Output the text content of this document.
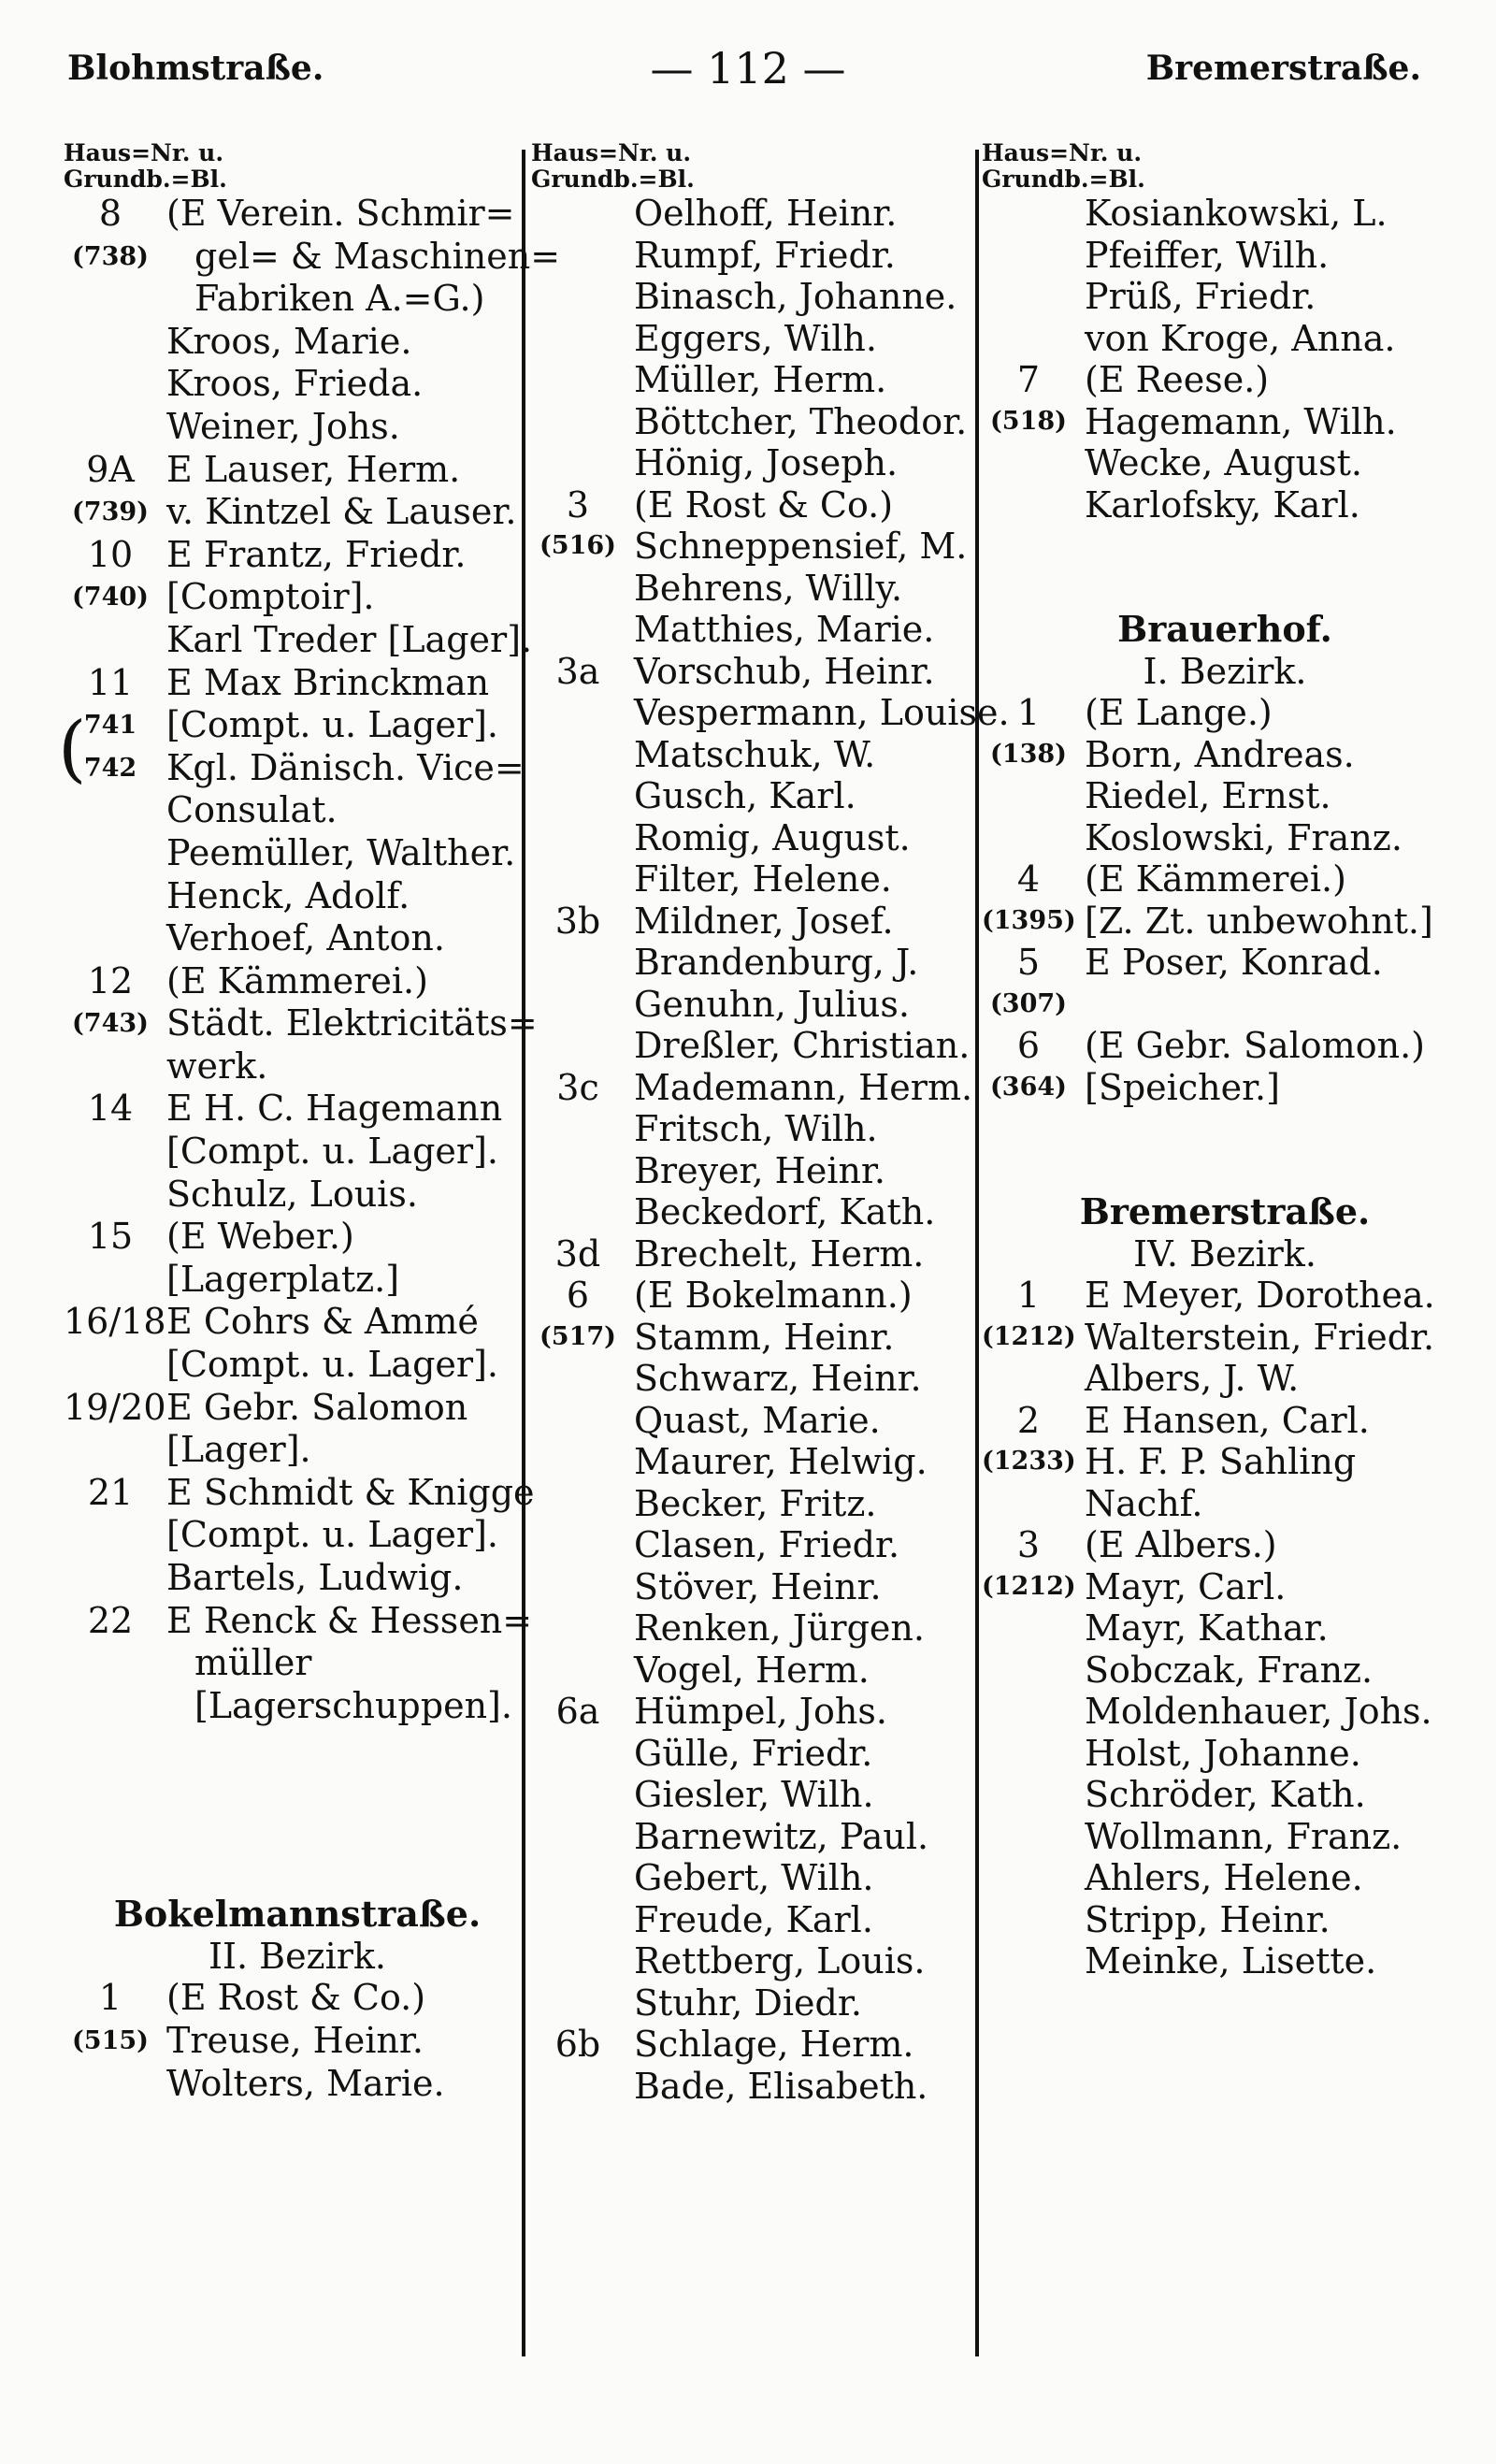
Blohmstraße.	— 112 —	Bremerstraße.
Haus=Nr. u.
Grundb.=Bl.
8	(E Verein. Schmir=
(738) gel= & Maschinen=
Fabriken A.=G.)
Kroos, Marie.
Kroos, Frieda.
Weiner, Johs.
9A E Lauser, Herm.
(739) v. Kintzel & Lauser.
10 E Frantz, Friedr.
(740) [Comptoir].
Karl Treder [Lager].
11 E Max Brinckman
741 [Compt. u. Lager].
(
742 Kgl. Dänisch. Vice=
Consulat.
Peemüller, Walther.
Henck, Adolf.
Verhoef, Anton.
12 (E Kämmerei.)
(743) Städt. Elektricitäts=
werk.
14 E H. C. Hagemann
[Compt. u. Lager].
Schulz, Louis.
15 (E Weber.)
[Lagerplatz.]
16/18 E Cohrs & Ammé
[Compt. u. Lager].
19/20 E Gebr. Salomon
[Lager].
21 E Schmidt & Knigge
[Compt. u. Lager].
Bartels, Ludwig.
22 E Renck & Hessen=
müller
[Lagerschuppen].
Bokelmannstraße.
II. Bezirk.
1	(E Rost & Co.)
(515) Treuse, Heinr.
Wolters, Marie.
Haus=Nr. u.
Grundb.=Bl.
Oelhoff, Heinr.
Rumpf, Friedr.
Binasch, Johanne.
Eggers, Wilh.
Müller, Herm.
Böttcher, Theodor.
Hönig, Joseph.
3	(E Rost & Co.)
(516) Schneppensief, M.
Behrens, Willy.
Matthies, Marie.
3a Vorschub, Heinr.
Vespermann, Louise.
Matschuk, W.
Gusch, Karl.
Romig, August.
Filter, Helene.
3b Mildner, Josef.
Brandenburg, J.
Genuhn, Julius.
Dreßler, Christian.
3c Mademann, Herm.
Fritsch, Wilh.
Breyer, Heinr.
Beckedorf, Kath.
3d Brechelt, Herm.
6	(E Bokelmann.)
(517) Stamm, Heinr.
Schwarz, Heinr.
Quast, Marie.
Maurer, Helwig.
Becker, Fritz.
Clasen, Friedr.
Stöver, Heinr.
Renken, Jürgen.
Vogel, Herm.
6a Hümpel, Johs.
Gülle, Friedr.
Giesler, Wilh.
Barnewitz, Paul.
Gebert, Wilh.
Freude, Karl.
Rettberg, Louis.
Stuhr, Diedr.
6b Schlage, Herm.
Bade, Elisabeth.
Haus=Nr. u.
Grundb.=Bl.
Kosiankowski, L.
Pfeiffer, Wilh.
Prüß, Friedr.
von Kroge, Anna.
7	(E Reese.)
(518) Hagemann, Wilh.
Wecke, August.
Karlofsky, Karl.
Brauerhof.
I. Bezirk.
1	(E Lange.)
(138) Born, Andreas.
Riedel, Ernst.
Koslowski, Franz.
4	(E Kämmerei.)
(1395) [Z. Zt. unbewohnt.]
5	E Poser, Konrad.
(307)
6	(E Gebr. Salomon.)
(364) [Speicher.]
Bremerstraße.
IV. Bezirk.
1	E Meyer, Dorothea.
(1212) Walterstein, Friedr.
Albers, J. W.
2	E Hansen, Carl.
(1233) H. F. P. Sahling
Nachf.
3	(E Albers.)
(1212) Mayr, Carl.
Mayr, Kathar.
Sobczak, Franz.
Moldenhauer, Johs.
Holst, Johanne.
Schröder, Kath.
Wollmann, Franz.
Ahlers, Helene.
Stripp, Heinr.
Meinke, Lisette.
